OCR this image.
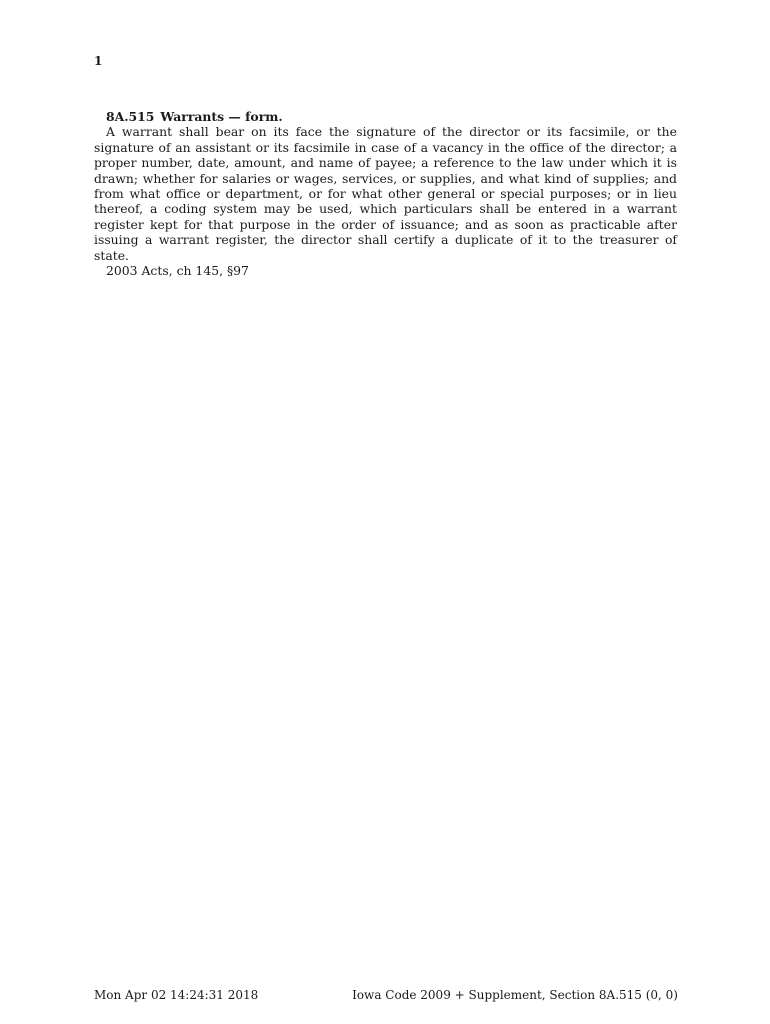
1

8A.515 Warrants — form.

A warrant shall bear on its face the signature of the director or its facsimile, or the signature of an assistant or its facsimile in case of a vacancy in the office of the director; a proper number, date, amount, and name of payee; a reference to the law under which it is drawn; whether for salaries or wages, services, or supplies, and what kind of supplies; and from what office or department, or for what other general or special purposes; or in lieu thereof, a coding system may be used, which particulars shall be entered in a warrant register kept for that purpose in the order of issuance; and as soon as practicable after issuing a warrant register, the director shall certify a duplicate of it to the treasurer of state.

2003 Acts, ch 145, §97

Mon Apr 02 14:24:31 2018	Iowa Code 2009 + Supplement, Section 8A.515 (0, 0)
